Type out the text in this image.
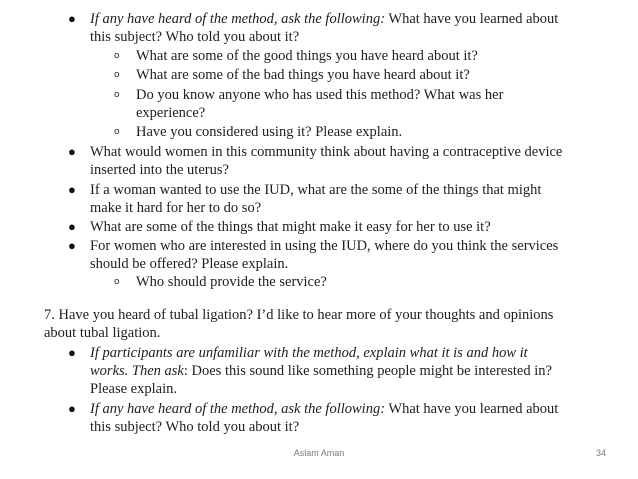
● If any have heard of the method, ask the following: What have you learned about
this subject? Who told you about it?
o What are some of the good things you have heard about it?
o What are some of the bad things you have heard about it?
o Do you know anyone who has used this method? What was her
experience?
o Have you considered using it? Please explain.
● What would women in this community think about having a contraceptive device
inserted into the uterus?
● If a woman wanted to use the IUD, what are the some of the things that might
make it hard for her to do so?
● What are some of the things that might make it easy for her to use it?
● For women who are interested in using the IUD, where do you think the services
should be offered? Please explain.
o Who should provide the service?
7. Have you heard of tubal ligation? I’d like to hear more of your thoughts and opinions
about tubal ligation.
● If participants are unfamiliar with the method, explain what it is and how it
works. Then ask: Does this sound like something people might be interested in?
Please explain.
● If any have heard of the method, ask the following: What have you learned about
this subject? Who told you about it?
Aslam Aman	34
